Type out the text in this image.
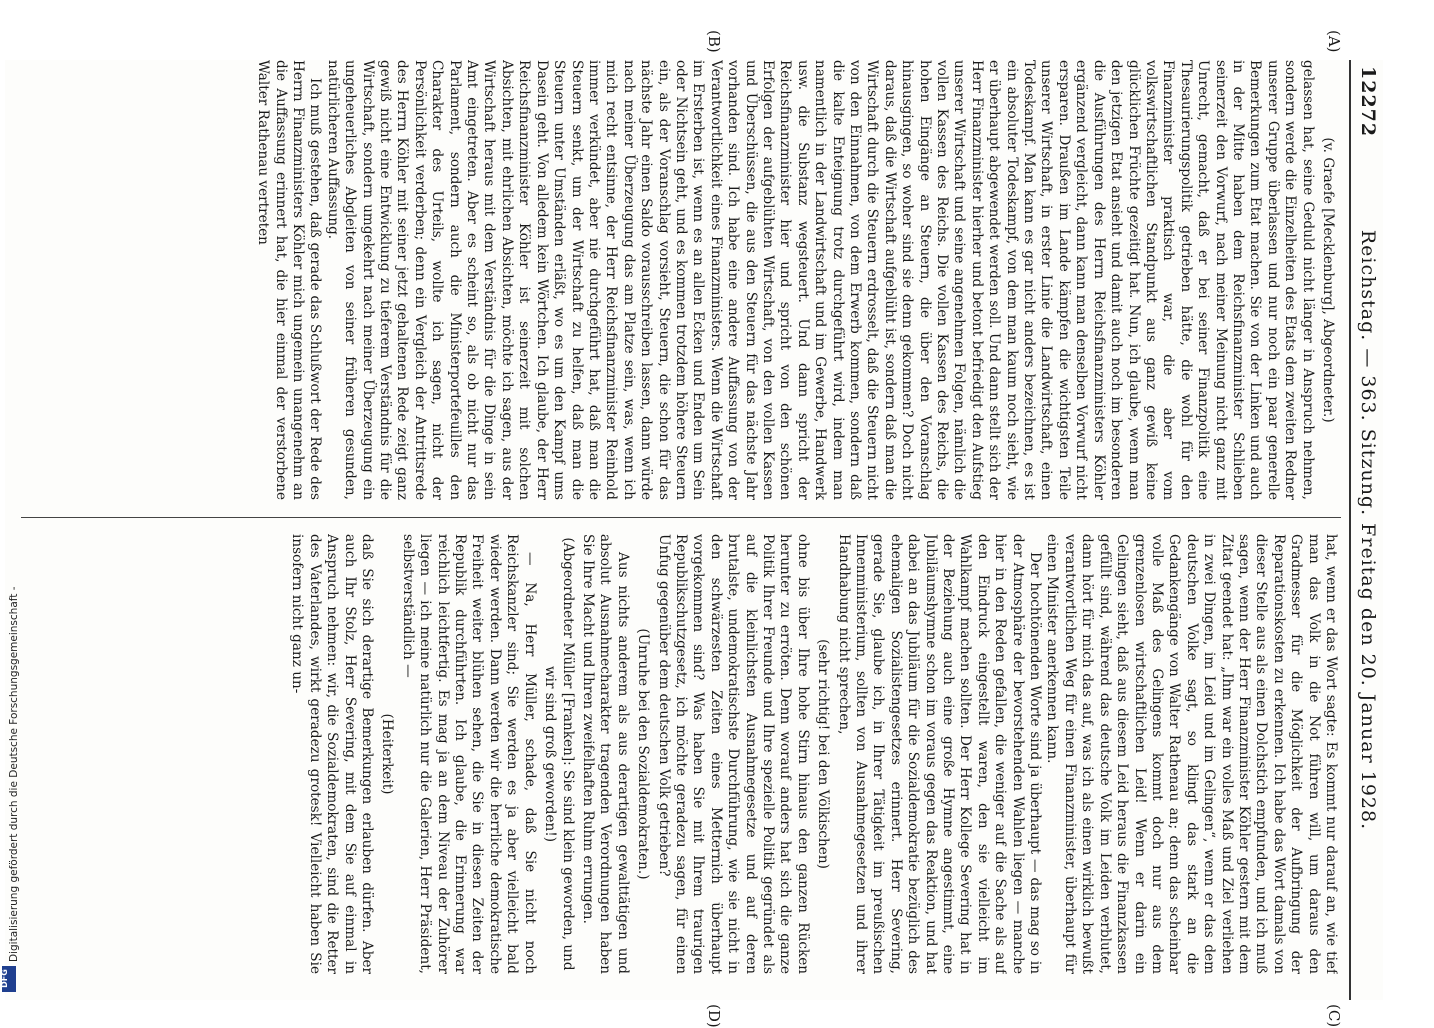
12272
Reichstag. — 363. Sitzung. Freitag den 20. Januar 1928.

(v. Graefe [Mecklenburg], Abgeordneter.)

gelassen hat, seine Geduld nicht länger in Anspruch nehmen, sondern werde die Einzelheiten des Etats dem zweiten Redner unserer Gruppe überlassen und nur noch ein paar generelle Bemerkungen zum Etat machen. Sie von der Linken und auch in der Mitte haben dem Reichsfinanzminister Schlieben seinerzeit den Vorwurf, nach meiner Meinung nicht ganz mit Unrecht, gemacht, daß er bei seiner Finanzpolitik eine Thesaurierungspolitik getrieben hätte, die wohl für den Finanzminister praktisch war, die aber vom volkswirtschaftlichen Standpunkt aus ganz gewiß keine glücklichen Früchte gezeitigt hat. Nun, ich glaube, wenn man den jetzigen Etat ansieht und damit auch noch im besonderen die Ausführungen des Herrn Reichsfinanzministers Köhler ergänzend vergleicht, dann kann man denselben Vorwurf nicht ersparen. Draußen im Lande kämpfen die wichtigsten Teile unserer Wirtschaft, in erster Linie die Landwirtschaft, einen Todeskampf. Man kann es gar nicht anders bezeichnen, es ist ein absoluter Todeskampf, von dem man kaum noch sieht, wie er überhaupt abgewendet werden soll. Und dann stellt sich der Herr Finanzminister hierher und betont befriedigt den Aufstieg unserer Wirtschaft und seine angenehmen Folgen, nämlich die vollen Kassen des Reichs. Die vollen Kassen des Reichs, die hohen Eingänge an Steuern, die über den Voranschlag hinausgingen, so woher sind sie denn gekommen? Doch nicht daraus, daß die Wirtschaft aufgeblüht ist, sondern daß man die Wirtschaft durch die Steuern erdrosselt, daß die Steuern nicht von den Einnahmen, von dem Erwerb kommen, sondern daß die kalte Enteignung trotz durchgeführt wird, indem man namentlich in der Landwirtschaft und im Gewerbe, Handwerk usw. die Substanz wegsteuert. Und dann spricht der Reichsfinanzminister hier und spricht von den schönen Erfolgen der aufgeblühten Wirtschaft, von den vollen Kassen und Überschüssen, die aus den Steuern für das nächste Jahr vorhanden sind. Ich habe eine andere Auffassung von der Verantwortlichkeit eines Finanzministers. Wenn die Wirtschaft im Ersterben ist, wenn es an allen Ecken und Enden um Sein oder Nichtsein geht, und es kommen trotzdem höhere Steuern ein, als der Voranschlag vorsieht, Steuern, die schon für das nächste Jahr einen Saldo vorausschreiben lassen, dann würde nach meiner Überzeugung das am Platze sein, was, wenn ich mich recht entsinne, der Herr Reichsfinanzminister Reinhold immer verkündet, aber nie durchgeführt hat, daß man die Steuern senkt, um der Wirtschaft zu helfen, daß man die Steuern unter Umständen erläßt, wo es um den Kampf ums Dasein geht. Von alledem kein Wörtchen. Ich glaube, der Herr Reichsfinanzminister Köhler ist seinerzeit mit solchen Absichten, mit ehrlichen Absichten, möchte ich sagen, aus der Wirtschaft heraus mit dem Verständnis für die Dinge in sein Amt eingetreten. Aber es scheint so, als ob nicht nur das Parlament, sondern auch die Ministerportefeuilles den Charakter des Urteils, wollte ich sagen, nicht der Persönlichkeit verderben; denn ein Vergleich der Antrittsrede des Herrn Köhler mit seiner jetzt gehaltenen Rede zeigt ganz gewiß nicht eine Entwicklung zu tieferem Verständnis für die Wirtschaft, sondern umgekehrt nach meiner Überzeugung ein ungeheuerliches Abgleiten von seiner früheren gesunden, natürlicheren Auffassung.

Ich muß gestehen, daß gerade das Schlußwort der Rede des Herrn Finanzministers Köhler mich ungemein unangenehm an die Auffassung erinnert hat, die hier einmal der verstorbene Walter Rathenau vertreten

hat, wenn er das Wort sagte: Es kommt nur darauf an, wie tief man das Volk in die Not führen will, um daraus den Gradmesser für die Möglichkeit der Aufbringung der Reparationskosten zu erkennen. Ich habe das Wort damals von dieser Stelle aus als einen Dolchstich empfunden, und ich muß sagen, wenn der Herr Finanzminister Köhler gestern mit dem Zitat geendet hat: „Ihm war ein volles Maß und Ziel verliehen in zwei Dingen, im Leid und im Gelingen“, wenn er das dem deutschen Volke sagt, so klingt das stark an die Gedankengänge von Walter Rathenau an; denn das scheinbar volle Maß des Gelingens kommt doch nur aus dem grenzenlosen wirtschaftlichen Leid! Wenn er darin ein Gelingen sieht, daß aus diesem Leid heraus die Finanzkassen gefüllt sind, während das deutsche Volk im Leiden verblutet, dann hört für mich das auf, was ich als einen wirklich bewußt verantwortlichen Weg für einen Finanzminister, überhaupt für einen Minister anerkennen kann.

Der hochtönenden Worte sind ja überhaupt — das mag so in der Atmosphäre der bevorstehenden Wahlen liegen — manche hier in den Reden gefallen, die weniger auf die Sache als auf den Eindruck eingestellt waren, den sie vielleicht im Wahlkampf machen sollten. Der Herr Kollege Severing hat in der Beziehung auch eine große Hymne angestimmt, eine Jubiläumshymne schon im voraus gegen das Reaktion, und hat dabei an das Jubiläum für die Sozialdemokratie bezüglich des ehemaligen Sozialistengesetzes erinnert. Herr Severing, gerade Sie, glaube ich, in Ihrer Tätigkeit im preußischen Innenministerium, sollten von Ausnahmegesetzen und ihrer Handhabung nicht sprechen,

(sehr richtig! bei den Völkischen)

ohne bis über Ihre hohe Stirn hinaus den ganzen Rücken herunter zu erröten. Denn worauf anders hat sich die ganze Politik Ihrer Freunde und Ihre spezielle Politik gegründet als auf die kleinlichsten Ausnahmegesetze und auf deren brutalste, undemokratischste Durchführung, wie sie nicht in den schwärzesten Zeiten eines Metternich überhaupt vorgekommen sind? Was haben Sie mit Ihrem traurigen Republikschutzgesetz, ich möchte geradezu sagen, für einen Unfug gegenüber dem deutschen Volk getrieben?

(Unruhe bei den Sozialdemokraten.)

Aus nichts anderem als aus derartigen gewalttätigen und absolut Ausnahmecharakter tragenden Verordnungen haben Sie Ihre Macht und Ihren zweifelhaften Ruhm errungen.

(Abgeordneter Müller [Franken]: Sie sind klein geworden, und wir sind groß geworden!)

— Na, Herr Müller, schade, daß Sie nicht noch Reichskanzler sind; Sie werden es ja aber vielleicht bald wieder werden. Dann werden wir die herrliche demokratische Freiheit weiter blühen sehen, die Sie in diesen Zeiten der Republik durchführten. Ich glaube, die Erinnerung war reichlich leichtfertig. Es mag ja an dem Niveau der Zuhörer liegen — ich meine natürlich nur die Galerien, Herr Präsident, selbstverständlich —

(Heiterkeit)

daß Sie sich derartige Bemerkungen erlauben dürfen. Aber auch Ihr Stolz, Herr Severing, mit dem Sie auf einmal in Anspruch nehmen: wir, die Sozialdemokraten, sind die Retter des Vaterlandes, wirkt geradezu grotesk! Vielleicht haben Sie insofern nicht ganz un-

(A)
(B)
(C)
(D)
Digitalisierung gefördert durch die Deutsche Forschungsgemeinschaft -
DFG
